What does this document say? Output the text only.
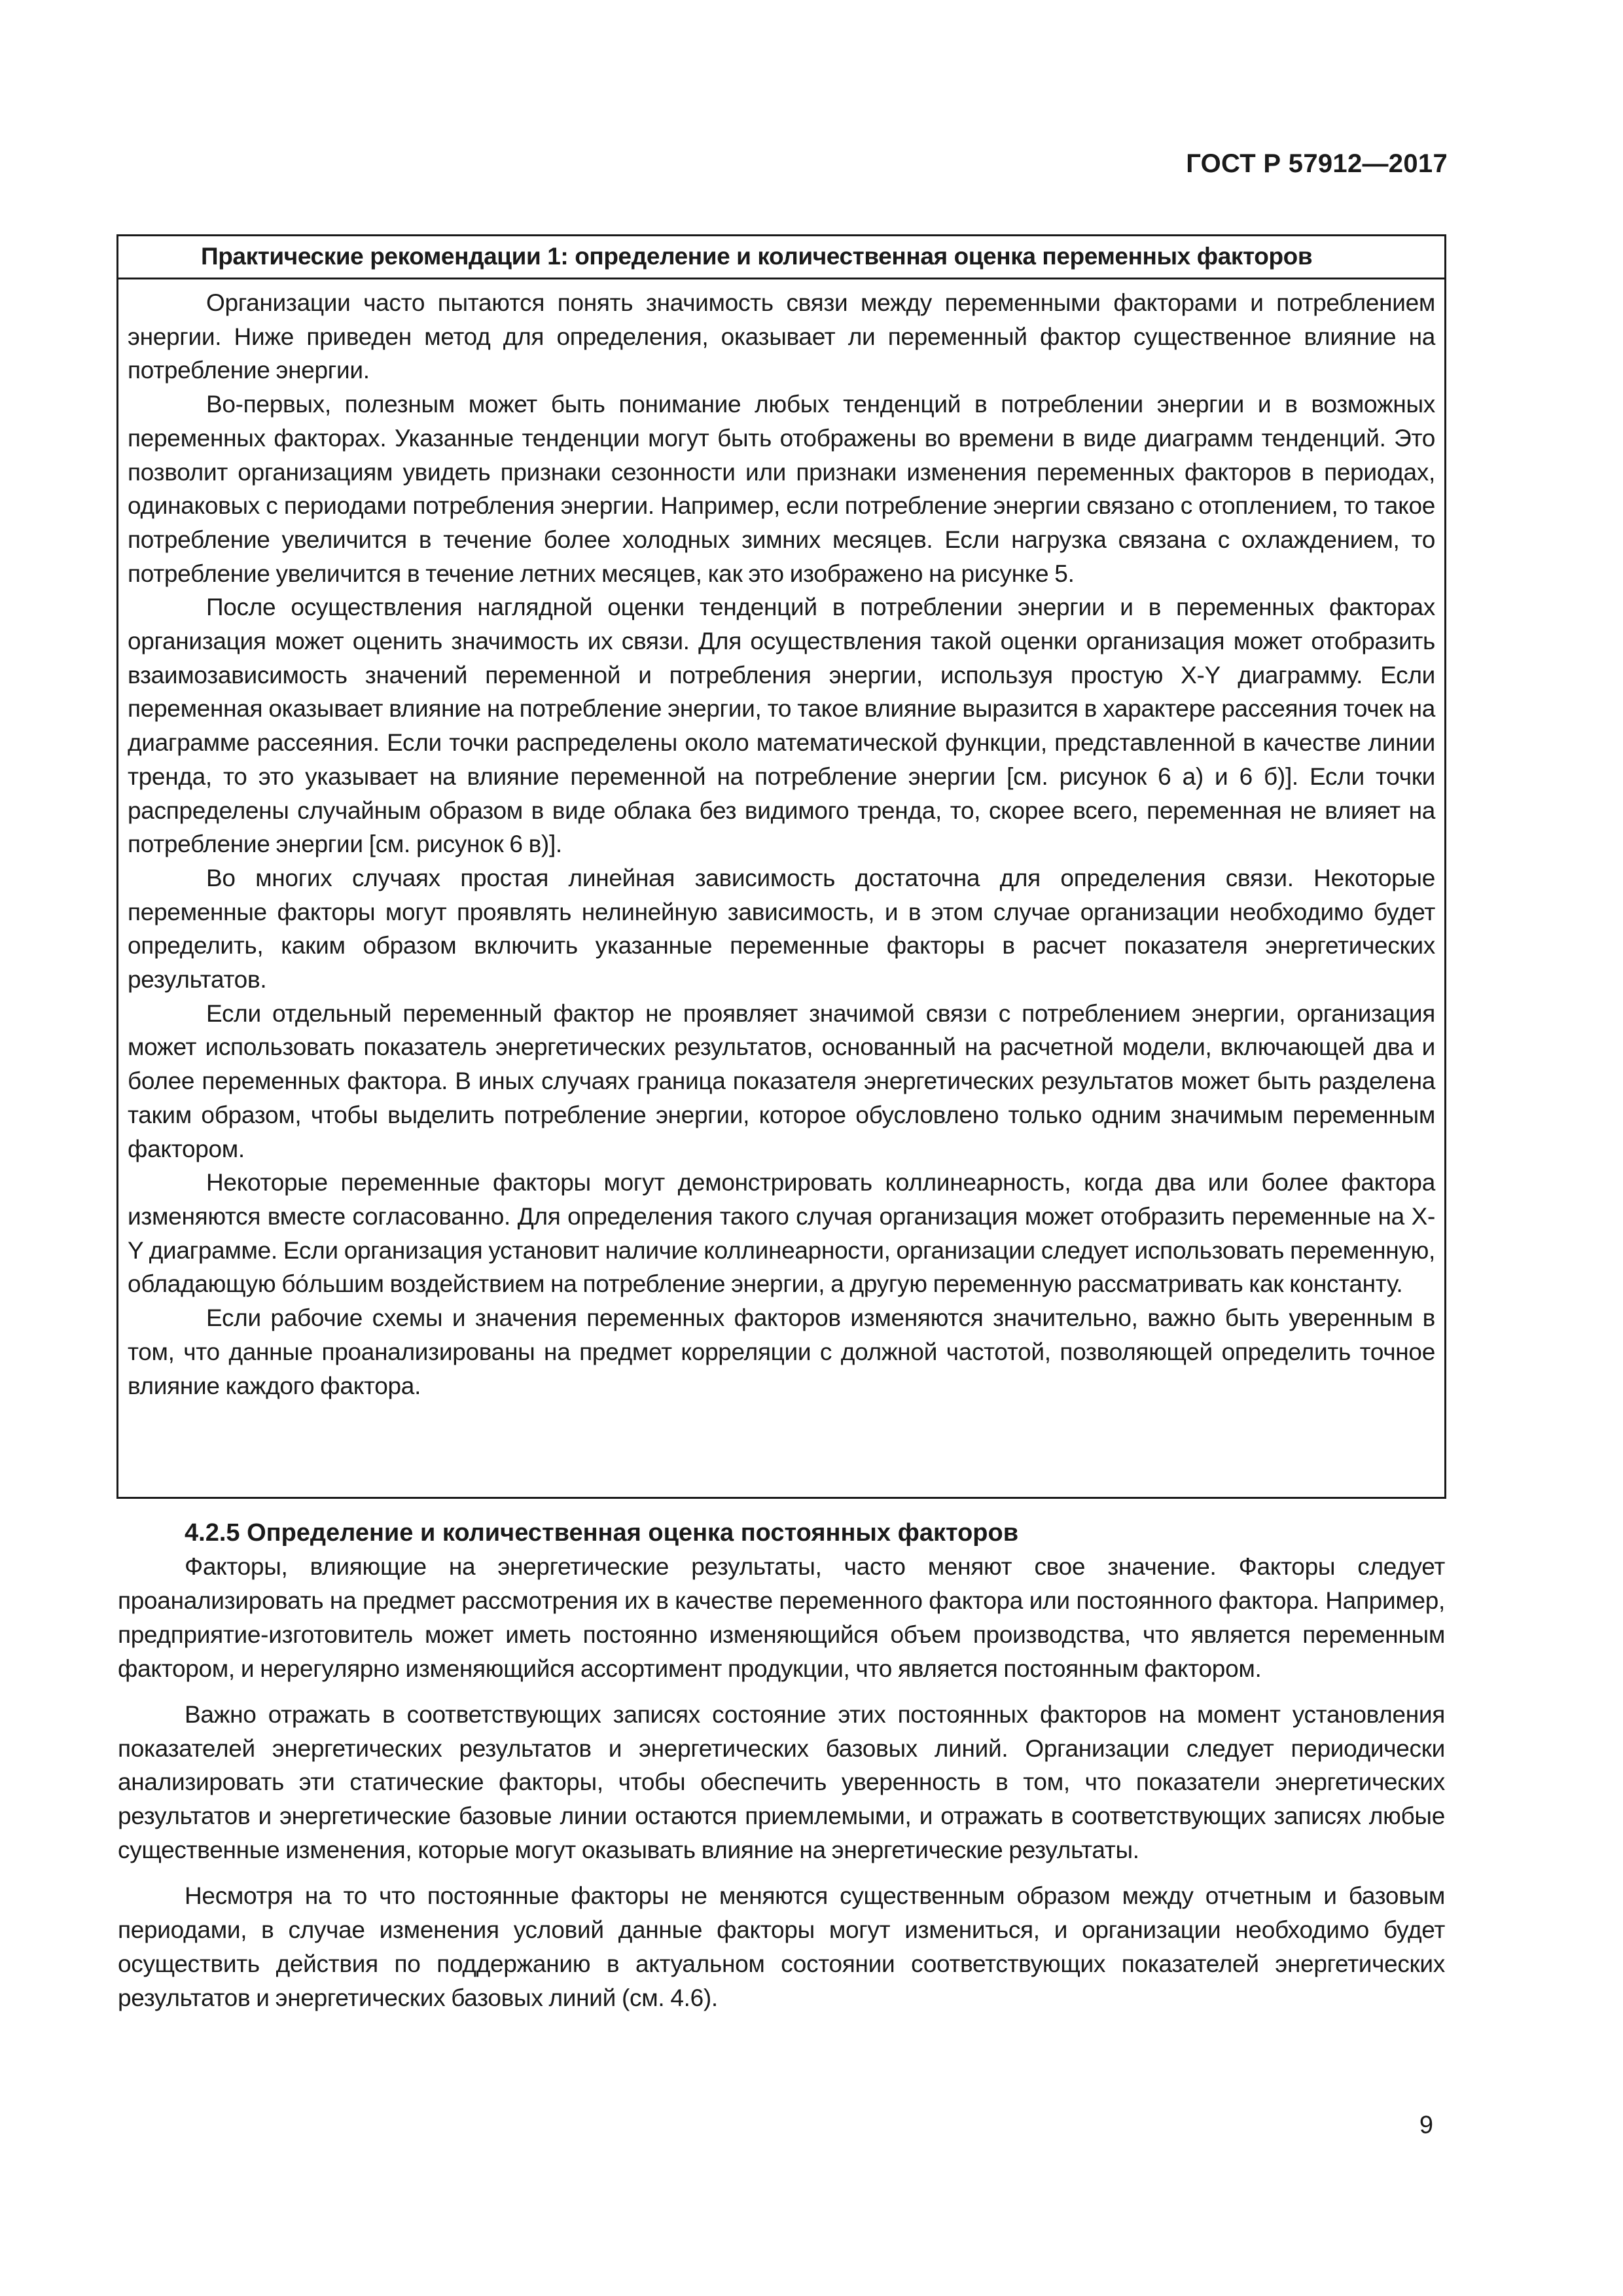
ГОСТ Р 57912—2017
Практические рекомендации 1: определение и количественная оценка переменных факторов

Организации часто пытаются понять значимость связи между переменными факторами и потреблением энергии. Ниже приведен метод для определения, оказывает ли переменный фактор существенное влияние на потребление энергии.

Во-первых, полезным может быть понимание любых тенденций в потреблении энергии и в возможных переменных факторах. Указанные тенденции могут быть отображены во времени в виде диаграмм тенденций. Это позволит организациям увидеть признаки сезонности или признаки изменения переменных факторов в периодах, одинаковых с периодами потребления энергии. Например, если потребление энергии связано с отоплением, то такое потребление увеличится в течение более холодных зимних месяцев. Если нагрузка связана с охлаждением, то потребление увеличится в течение летних месяцев, как это изображено на рисунке 5.

После осуществления наглядной оценки тенденций в потреблении энергии и в переменных факторах организация может оценить значимость их связи. Для осуществления такой оценки организация может отобразить взаимозависимость значений переменной и потребления энергии, используя простую X-Y диаграмму. Если переменная оказывает влияние на потребление энергии, то такое влияние выразится в характере рассеяния точек на диаграмме рассеяния. Если точки распределены около математической функции, представленной в качестве линии тренда, то это указывает на влияние переменной на потребление энергии [см. рисунок 6 а) и 6 б)]. Если точки распределены случайным образом в виде облака без видимого тренда, то, скорее всего, переменная не влияет на потребление энергии [см. рисунок 6 в)].

Во многих случаях простая линейная зависимость достаточна для определения связи. Некоторые переменные факторы могут проявлять нелинейную зависимость, и в этом случае организации необходимо будет определить, каким образом включить указанные переменные факторы в расчет показателя энергетических результатов.

Если отдельный переменный фактор не проявляет значимой связи с потреблением энергии, организация может использовать показатель энергетических результатов, основанный на расчетной модели, включающей два и более переменных фактора. В иных случаях граница показателя энергетических результатов может быть разделена таким образом, чтобы выделить потребление энергии, которое обусловлено только одним значимым переменным фактором.

Некоторые переменные факторы могут демонстрировать коллинеарность, когда два или более фактора изменяются вместе согласованно. Для определения такого случая организация может отобразить переменные на X-Y диаграмме. Если организация установит наличие коллинеарности, организации следует использовать переменную, обладающую бо́льшим воздействием на потребление энергии, а другую переменную рассматривать как константу.

Если рабочие схемы и значения переменных факторов изменяются значительно, важно быть уверенным в том, что данные проанализированы на предмет корреляции с должной частотой, позволяющей определить точное влияние каждого фактора.

4.2.5 Определение и количественная оценка постоянных факторов

Факторы, влияющие на энергетические результаты, часто меняют свое значение. Факторы следует проанализировать на предмет рассмотрения их в качестве переменного фактора или постоянного фактора. Например, предприятие-изготовитель может иметь постоянно изменяющийся объем производства, что является переменным фактором, и нерегулярно изменяющийся ассортимент продукции, что является постоянным фактором.

Важно отражать в соответствующих записях состояние этих постоянных факторов на момент установления показателей энергетических результатов и энергетических базовых линий. Организации следует периодически анализировать эти статические факторы, чтобы обеспечить уверенность в том, что показатели энергетических результатов и энергетические базовые линии остаются приемлемыми, и отражать в соответствующих записях любые существенные изменения, которые могут оказывать влияние на энергетические результаты.

Несмотря на то что постоянные факторы не меняются существенным образом между отчетным и базовым периодами, в случае изменения условий данные факторы могут измениться, и организации необходимо будет осуществить действия по поддержанию в актуальном состоянии соответствующих показателей энергетических результатов и энергетических базовых линий (см. 4.6).

9
